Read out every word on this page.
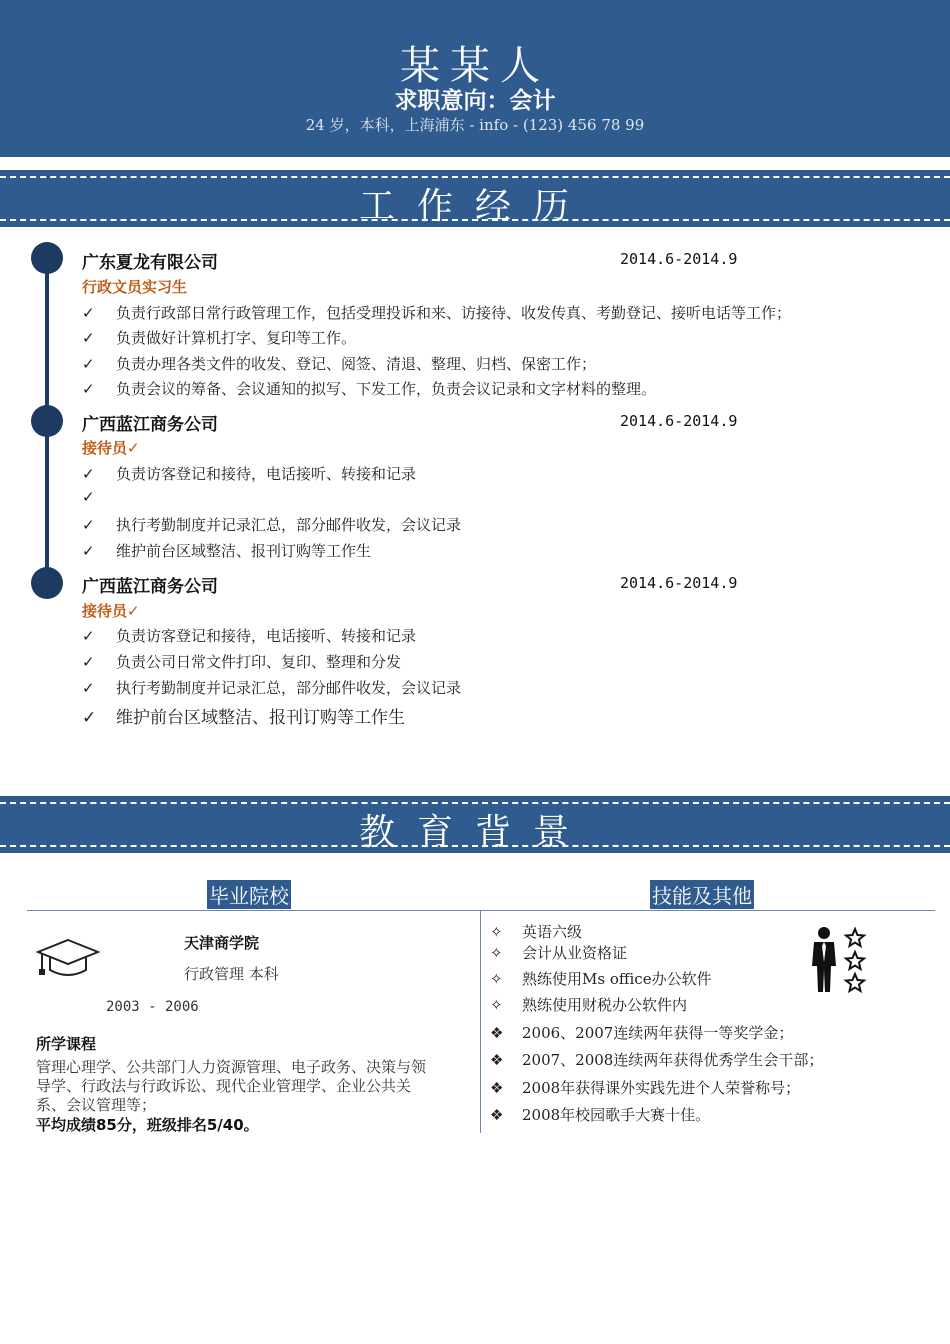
某某人
求职意向：会计
24 岁，本科，上海浦东 - info - (123) 456 78 99
工作经历
广东夏龙有限公司	2014.6-2014.9
行政文员实习生
✓ 负责行政部日常行政管理工作，包括受理投诉和来、访接待、收发传真、考勤登记、接听电话等工作；
✓ 负责做好计算机打字、复印等工作。
✓ 负责办理各类文件的收发、登记、阅签、清退、整理、归档、保密工作；
✓ 负责会议的筹备、会议通知的拟写、下发工作，负责会议记录和文字材料的整理。
广西蓝江商务公司	2014.6-2014.9
接待员✓
✓ 负责访客登记和接待，电话接听、转接和记录
✓
✓ 执行考勤制度并记录汇总，部分邮件收发，会议记录
✓ 维护前台区域整洁、报刊订购等工作生
广西蓝江商务公司	2014.6-2014.9
接待员✓
✓ 负责访客登记和接待，电话接听、转接和记录
✓ 负责公司日常文件打印、复印、整理和分发
✓ 执行考勤制度并记录汇总，部分邮件收发，会议记录
✓ 维护前台区域整洁、报刊订购等工作生
教育背景
毕业院校	技能及其他
天津商学院
行政管理 本科
2003 - 2006
所学课程
管理心理学、公共部门人力资源管理、电子政务、决策与领
导学、行政法与行政诉讼、现代企业管理学、企业公共关
系、会议管理等；
平均成绩85分，班级排名5/40。
✧ 英语六级
✧ 会计从业资格证
✧ 熟练使用Ms office办公软件
✧ 熟练使用财税办公软件内
❖ 2006、2007连续两年获得一等奖学金；
❖ 2007、2008连续两年获得优秀学生会干部；
❖ 2008年获得课外实践先进个人荣誉称号；
❖ 2008年校园歌手大赛十佳。
